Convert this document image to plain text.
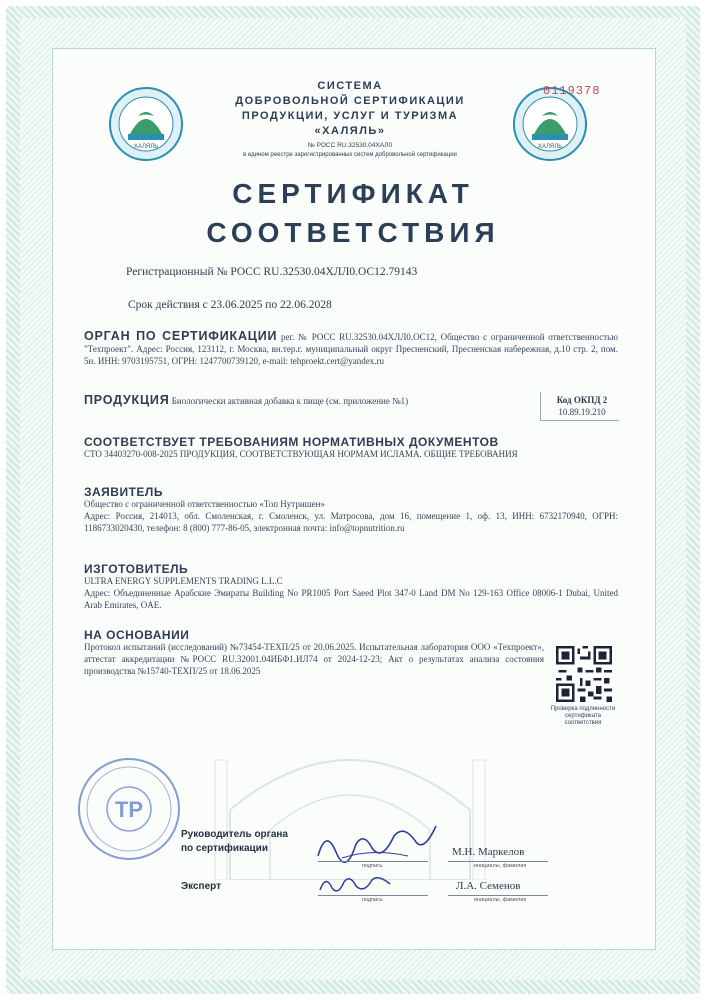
ХАЛЯЛЬ	ХАЛЯЛЬ
0119378
СИСТЕМА
ДОБРОВОЛЬНОЙ СЕРТИФИКАЦИИ
ПРОДУКЦИИ, УСЛУГ И ТУРИЗМА
«ХАЛЯЛЬ»
№ РОСС RU.32530.04ХАЛ0
в едином реестре зарегистрированных систем добровольной сертификации
СЕРТИФИКАТ
СООТВЕТСТВИЯ
Регистрационный № РОСС RU.32530.04ХЛЛ0.ОС12.79143
Срок действия с 23.06.2025 по 22.06.2028
ОРГАН ПО СЕРТИФИКАЦИИ рег. № РОСС RU.32530.04ХЛЛ0.ОС12, Общество с ограниченной ответственностью "Техпроект". Адрес: Россия, 123112, г. Москва, вн.тер.г. муниципальный округ Пресненский, Пресненская набережная, д.10 стр. 2, пом. 5н. ИНН: 9703195751, ОГРН: 1247700739120, e-mail: tehproekt.cert@yandex.ru
ПРОДУКЦИЯ Биологически активная добавка к пище (см. приложение №1)	Код ОКПД 2
10.89.19.210
СООТВЕТСТВУЕТ ТРЕБОВАНИЯМ НОРМАТИВНЫХ ДОКУМЕНТОВ
СТО 34403270-008-2025 ПРОДУКЦИЯ, СООТВЕТСТВУЮЩАЯ НОРМАМ ИСЛАМА. ОБЩИЕ ТРЕБОВАНИЯ
ЗАЯВИТЕЛЬ
Общество с ограниченной ответственностью «Топ Нутришен»
Адрес: Россия, 214013, обл. Смоленская, г. Смоленск, ул. Матросова, дом 16, помещение 1, оф. 13, ИНН: 6732170940, ОГРН: 1186733020430, телефон: 8 (800) 777-86-05, электронная почта: info@topnutrition.ru
ИЗГОТОВИТЕЛЬ
ULTRA ENERGY SUPPLEMENTS TRADING L.L.C
Адрес: Объединенные Арабские Эмираты Building No PR1005 Port Saeed Plot 347-0 Land DM No 129-163 Office 08006-1 Dubai, United Arab Emirates, OAE.
НА ОСНОВАНИИ
Протокол испытаний (исследований) №73454-ТЕХП/25 от 20.06.2025. Испытательная лаборатория ООО «Техпроект», аттестат аккредитации №РОСС RU.32001.04ИБФ1.ИЛ74 от 2024-12-23; Акт о результатах анализа состояния производства №15740-ТЕХП/25 от 18.06.2025
Проверка подлинности сертификата соответствия
ТР
Руководитель органа
по сертификации
подпись
М.Н. Маркелов
инициалы, фамилия
Эксперт
подпись
Л.А. Семенов
инициалы, фамилия
